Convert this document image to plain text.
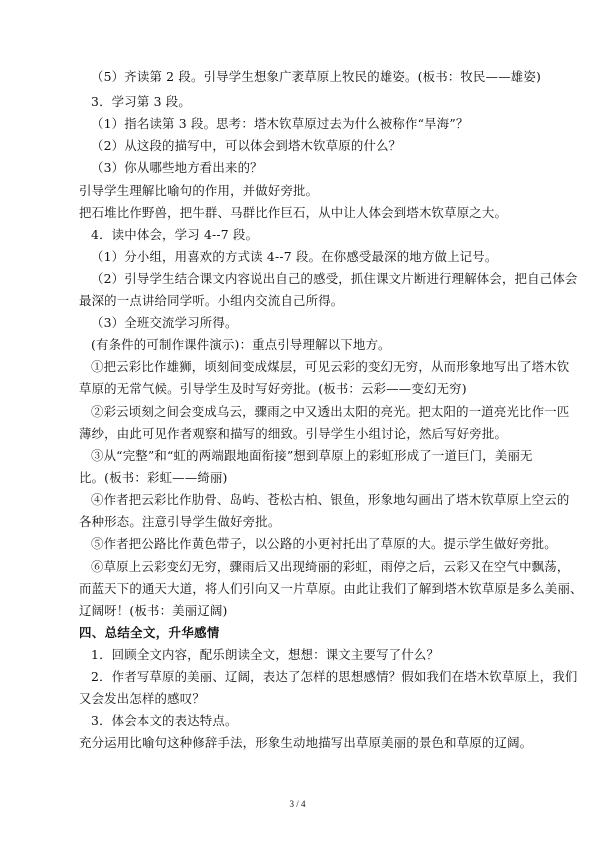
（5）齐读第 2 段。引导学生想象广袤草原上牧民的雄姿。(板书：牧民——雄姿)
3．学习第 3 段。
（1）指名读第 3 段。思考：塔木钦草原过去为什么被称作“旱海”？
（2）从这段的描写中，可以体会到塔木钦草原的什么？
（3）你从哪些地方看出来的？
引导学生理解比喻句的作用，并做好旁批。
把石堆比作野兽，把牛群、马群比作巨石，从中让人体会到塔木钦草原之大。
4．读中体会，学习 4--7 段。
（1）分小组，用喜欢的方式读 4--7 段。在你感受最深的地方做上记号。
（2）引导学生结合课文内容说出自己的感受，抓住课文片断进行理解体会，把自己体会
最深的一点讲给同学听。小组内交流自己所得。
（3）全班交流学习所得。
(有条件的可制作课件演示)：重点引导理解以下地方。
①把云彩比作雄狮，顷刻间变成煤层，可见云彩的变幻无穷，从而形象地写出了塔木钦
草原的无常气候。引导学生及时写好旁批。(板书：云彩——变幻无穷)
②彩云顷刻之间会变成乌云，骤雨之中又透出太阳的亮光。把太阳的一道亮光比作一匹
薄纱，由此可见作者观察和描写的细致。引导学生小组讨论，然后写好旁批。
③从“完整”和“虹的两端跟地面衔接”想到草原上的彩虹形成了一道巨门，美丽无
比。(板书：彩虹——绮丽)
④作者把云彩比作肋骨、岛屿、苍松古柏、银鱼，形象地勾画出了塔木钦草原上空云的
各种形态。注意引导学生做好旁批。
⑤作者把公路比作黄色带子，以公路的小更衬托出了草原的大。提示学生做好旁批。
⑥草原上云彩变幻无穷，骤雨后又出现绮丽的彩虹，雨停之后，云彩又在空气中飘荡，
而蓝天下的通天大道，将人们引向又一片草原。由此让我们了解到塔木钦草原是多么美丽、
辽阔呀！(板书：美丽辽阔)
四、总结全文，升华感情
1．回顾全文内容，配乐朗读全文，想想：课文主要写了什么？
2．作者写草原的美丽、辽阔，表达了怎样的思想感情？假如我们在塔木钦草原上，我们
又会发出怎样的感叹？
3．体会本文的表达特点。
充分运用比喻句这种修辞手法，形象生动地描写出草原美丽的景色和草原的辽阔。
3 / 4
